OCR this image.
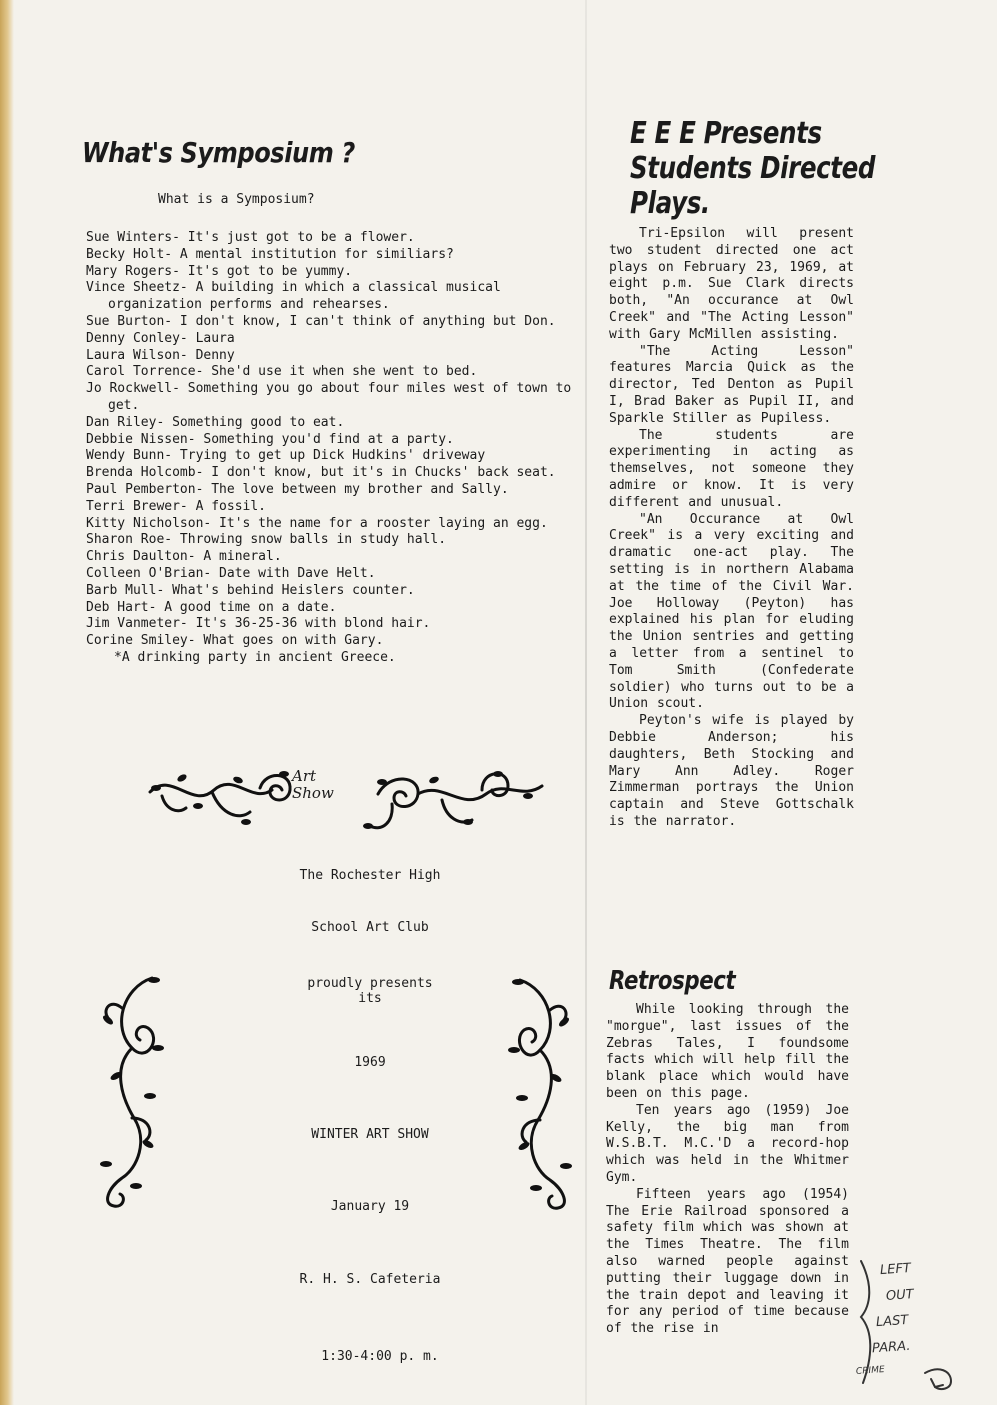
What's Symposium ?
What is a Symposium?
Sue Winters- It's just got to be a flower.
Becky Holt- A mental institution for similiars?
Mary Rogers- It's got to be yummy.
Vince Sheetz- A building in which a classical musical organization performs and rehearses.
Sue Burton- I don't know, I can't think of anything but Don.
Denny Conley- Laura
Laura Wilson- Denny
Carol Torrence- She'd use it when she went to bed.
Jo Rockwell- Something you go about four miles west of town to get.
Dan Riley- Something good to eat.
Debbie Nissen- Something you'd find at a party.
Wendy Bunn- Trying to get up Dick Hudkins' driveway
Brenda Holcomb- I don't know, but it's in Chucks' back seat.
Paul Pemberton- The love between my brother and Sally.
Terri Brewer- A fossil.
Kitty Nicholson- It's the name for a rooster laying an egg.
Sharon Roe- Throwing snow balls in study hall.
Chris Daulton- A mineral.
Colleen O'Brian- Date with Dave Helt.
Barb Mull- What's behind Heislers counter.
Deb Hart- A good time on a date.
Jim Vanmeter- It's 36-25-36 with blond hair.
Corine Smiley- What goes on with Gary.
*A drinking party in ancient Greece.
Art
Show
The Rochester High
School Art Club
proudly presents
its
1969
WINTER ART SHOW
January 19
R. H. S. Cafeteria
1:30-4:00 p. m.
E E E Presents
Students Directed
Plays.

Tri-Epsilon will present two student directed one act plays on February 23, 1969, at eight p.m. Sue Clark directs both, "An occurance at Owl Creek" and "The Acting Lesson" with Gary McMillen assisting.

"The Acting Lesson" features Marcia Quick as the director, Ted Denton as Pupil I, Brad Baker as Pupil II, and Sparkle Stiller as Pupiless.

The students are experimenting in acting as themselves, not someone they admire or know. It is very different and unusual.

"An Occurance at Owl Creek" is a very exciting and dramatic one-act play. The setting is in northern Alabama at the time of the Civil War. Joe Holloway (Peyton) has explained his plan for eluding the Union sentries and getting a letter from a sentinel to Tom Smith (Confederate soldier) who turns out to be a Union scout.

Peyton's wife is played by Debbie Anderson; his daughters, Beth Stocking and Mary Ann Adley. Roger Zimmerman portrays the Union captain and Steve Gottschalk is the narrator.

Retrospect

While looking through the "morgue", last issues of the Zebras Tales, I foundsome facts which will help fill the blank place which would have been on this page.

Ten years ago (1959) Joe Kelly, the big man from W.S.B.T. M.C.'D a record-hop which was held in the Whitmer Gym.

Fifteen years ago (1954) The Erie Railroad sponsored a safety film which was shown at the Times Theatre. The film also warned people against putting their luggage down in the train depot and leaving it for any period of time because of the rise in

LEFT
OUT
LAST
PARA.
CRIME
